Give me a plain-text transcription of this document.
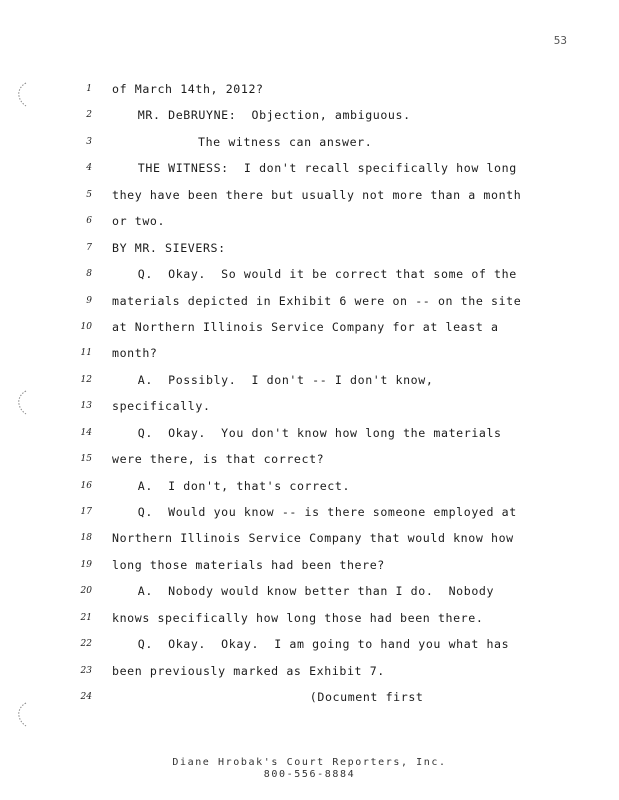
53
1 of March 14th, 2012?
2	MR. DeBRUYNE:  Objection, ambiguous.
3	The witness can answer.
4	THE WITNESS:  I don't recall specifically how long
5 they have been there but usually not more than a month
6 or two.
7 BY MR. SIEVERS:
8	Q.  Okay.  So would it be correct that some of the
9 materials depicted in Exhibit 6 were on -- on the site
10 at Northern Illinois Service Company for at least a
11 month?
12	A.  Possibly.  I don't -- I don't know,
13 specifically.
14	Q.  Okay.  You don't know how long the materials
15 were there, is that correct?
16	A.  I don't, that's correct.
17	Q.  Would you know -- is there someone employed at
18 Northern Illinois Service Company that would know how
19 long those materials had been there?
20	A.  Nobody would know better than I do.  Nobody
21 knows specifically how long those had been there.
22	Q.  Okay.  Okay.  I am going to hand you what has
23 been previously marked as Exhibit 7.
24	(Document first
Diane Hrobak's Court Reporters, Inc.
800-556-8884
